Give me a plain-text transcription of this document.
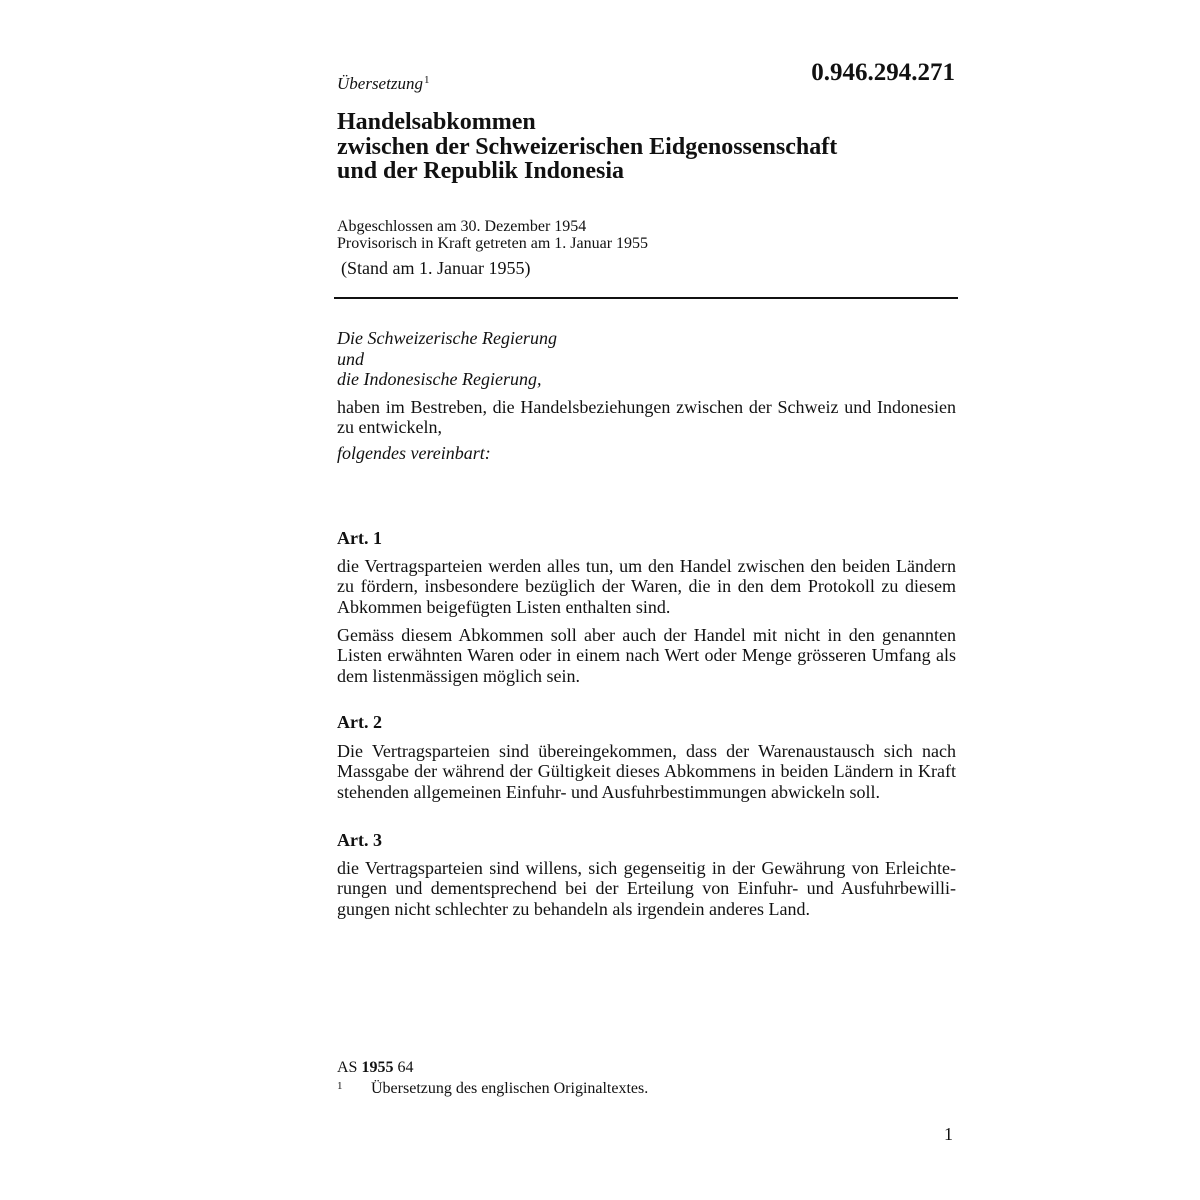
0.946.294.271
Übersetzung$^1$
Handelsabkommen
zwischen der Schweizerischen Eidgenossenschaft
und der Republik Indonesia
Abgeschlossen am 30. Dezember 1954
Provisorisch in Kraft getreten am 1. Januar 1955
(Stand am 1. Januar 1955)
Die Schweizerische Regierung
und
die Indonesische Regierung,
haben im Bestreben, die Handelsbeziehungen zwischen der Schweiz und Indonesien
zu entwickeln,
folgendes vereinbart:
Art. 1
die Vertragsparteien werden alles tun, um den Handel zwischen den beiden Ländern
zu fördern, insbesondere bezüglich der Waren, die in den dem Protokoll zu diesem
Abkommen beigefügten Listen enthalten sind.
Gemäss diesem Abkommen soll aber auch der Handel mit nicht in den genannten
Listen erwähnten Waren oder in einem nach Wert oder Menge grösseren Umfang als
dem listenmässigen möglich sein.
Art. 2
Die Vertragsparteien sind übereingekommen, dass der Warenaustausch sich nach
Massgabe der während der Gültigkeit dieses Abkommens in beiden Ländern in Kraft
stehenden allgemeinen Einfuhr- und Ausfuhrbestimmungen abwickeln soll.
Art. 3
die Vertragsparteien sind willens, sich gegenseitig in der Gewährung von Erleichte-
rungen und dementsprechend bei der Erteilung von Einfuhr- und Ausfuhrbewilli-
gungen nicht schlechter zu behandeln als irgendein anderes Land.
AS 1955 64
1 Übersetzung des englischen Originaltextes.
1
